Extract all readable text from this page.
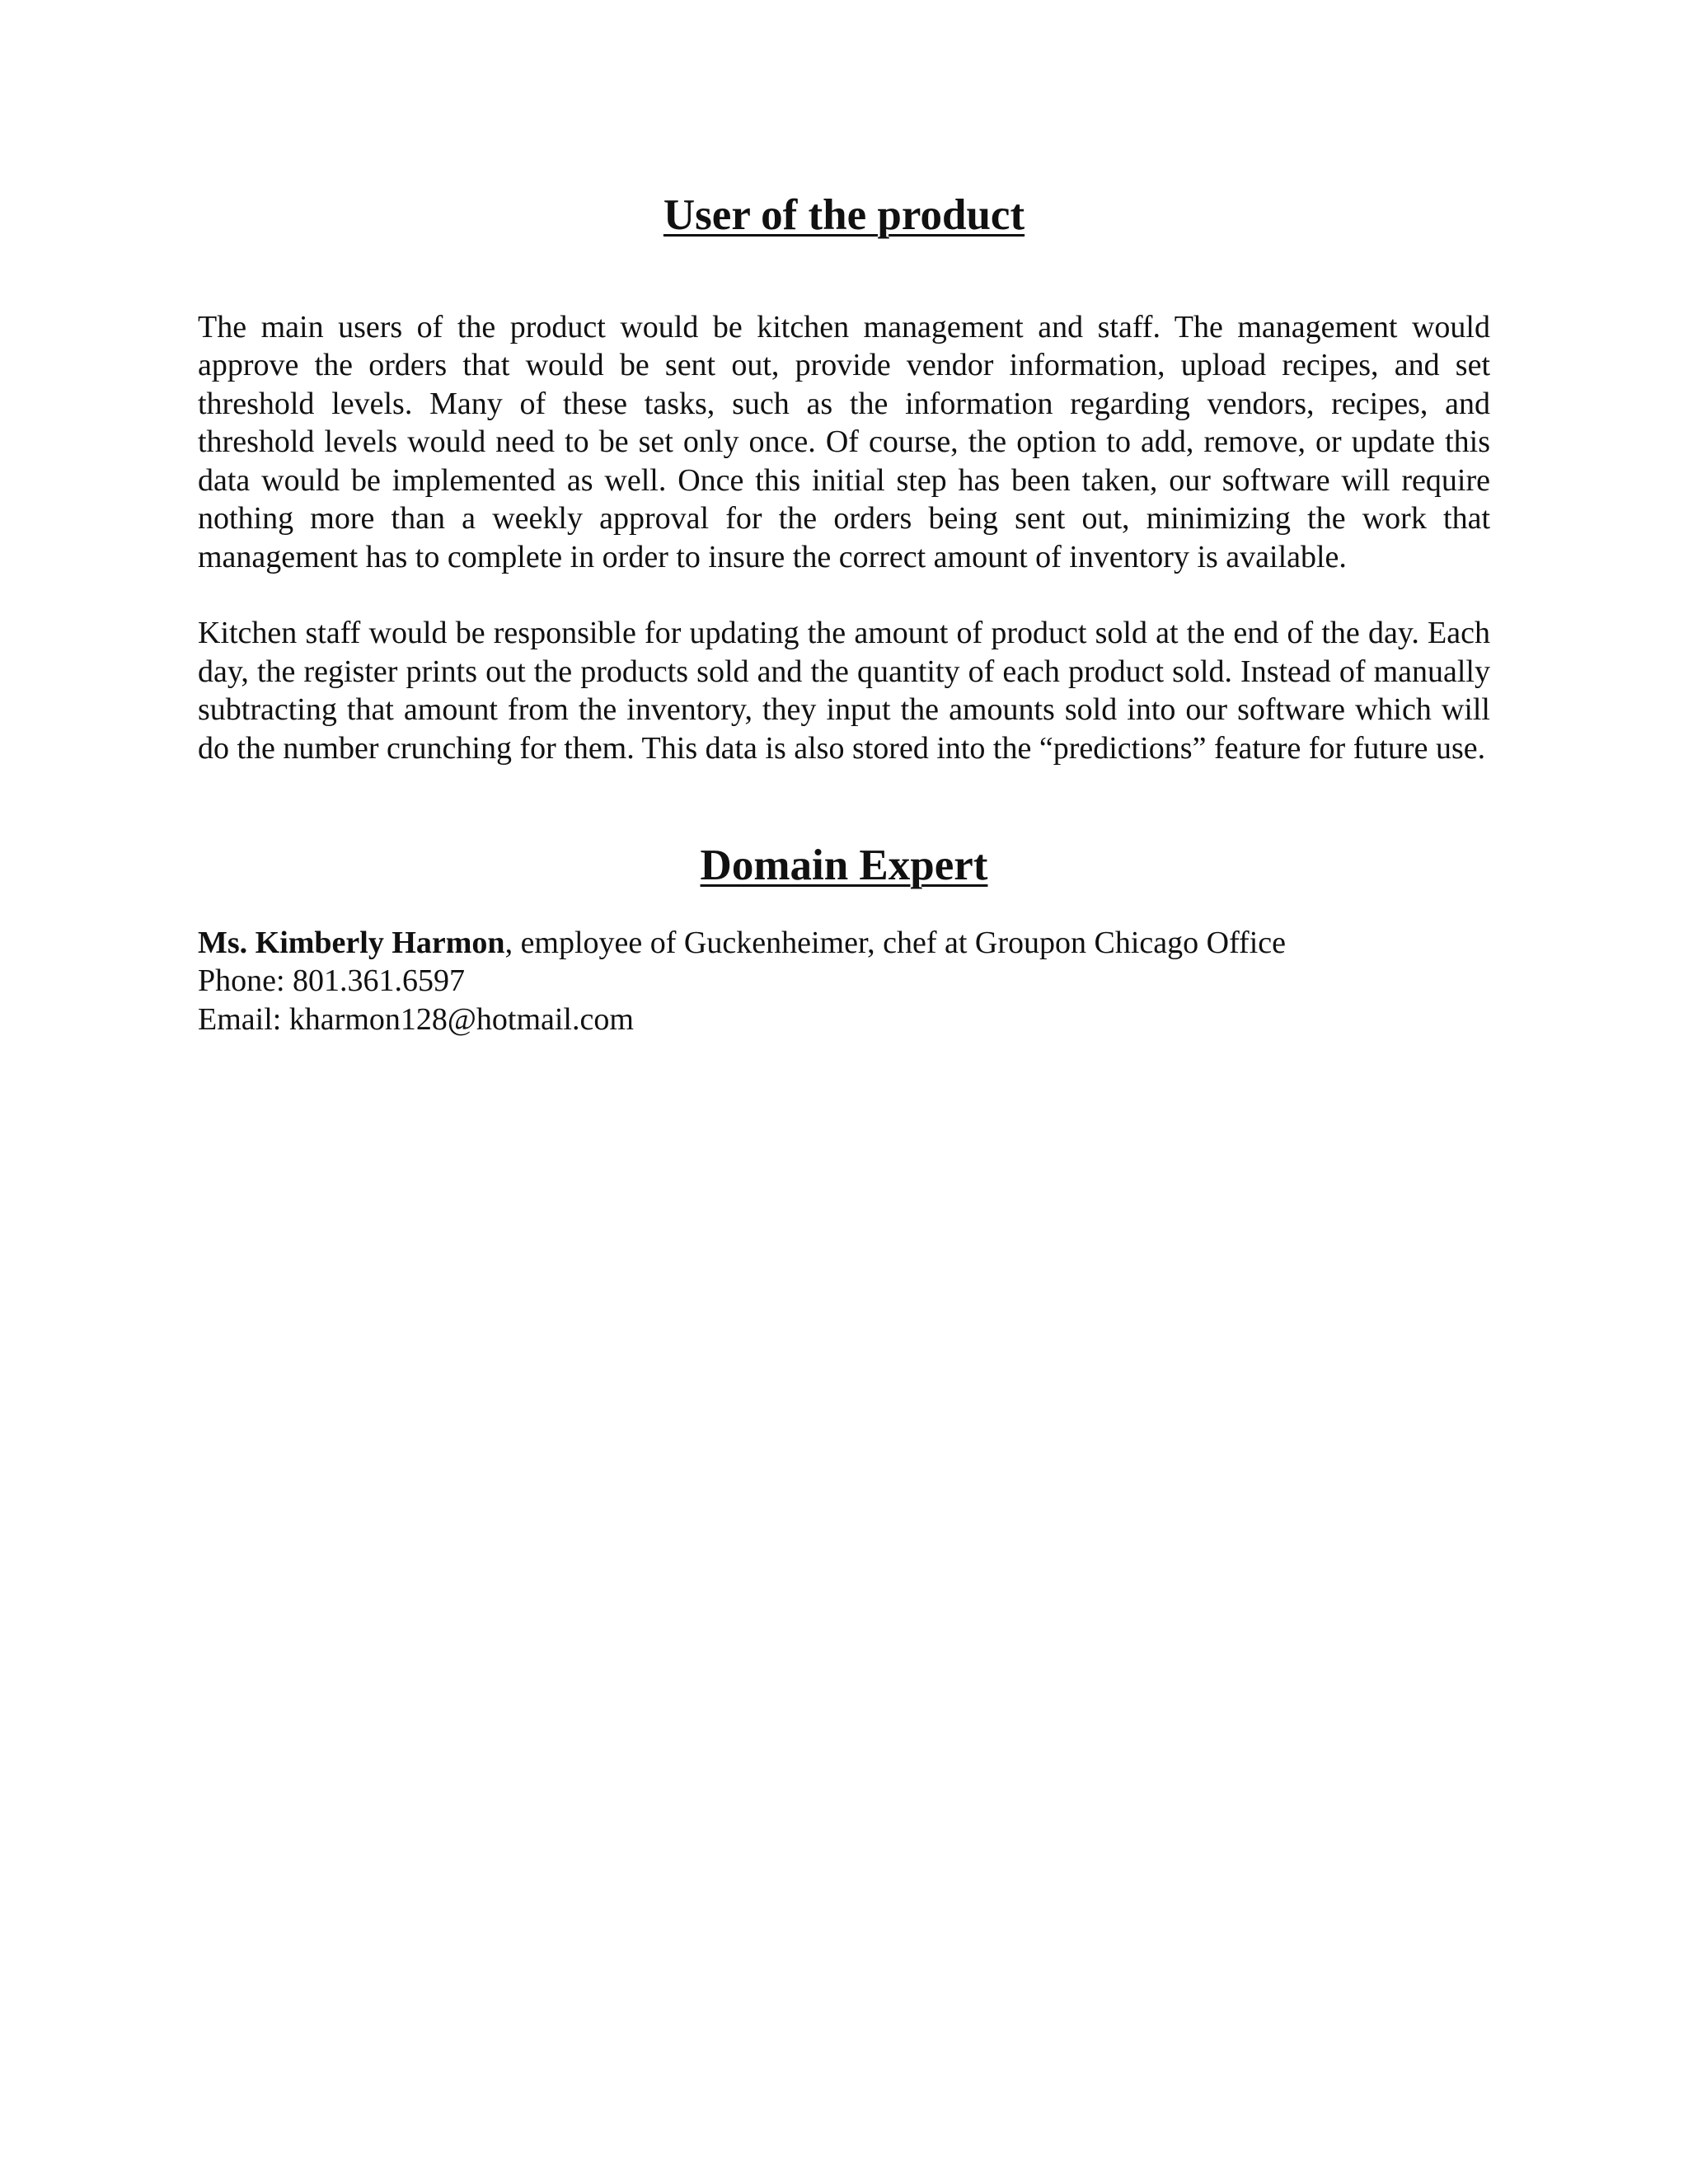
User of the product

The main users of the product would be kitchen management and staff. The management would approve the orders that would be sent out, provide vendor information, upload recipes, and set threshold levels. Many of these tasks, such as the information regarding vendors, recipes, and threshold levels would need to be set only once. Of course, the option to add, remove, or update this data would be implemented as well. Once this initial step has been taken, our software will require nothing more than a weekly approval for the orders being sent out, minimizing the work that management has to complete in order to insure the correct amount of inventory is available.

Kitchen staff would be responsible for updating the amount of product sold at the end of the day. Each day, the register prints out the products sold and the quantity of each product sold. Instead of manually subtracting that amount from the inventory, they input the amounts sold into our software which will do the number crunching for them. This data is also stored into the “predictions” feature for future use.

Domain Expert
Ms. Kimberly Harmon, employee of Guckenheimer, chef at Groupon Chicago Office
Phone: 801.361.6597
Email: kharmon128@hotmail.com
